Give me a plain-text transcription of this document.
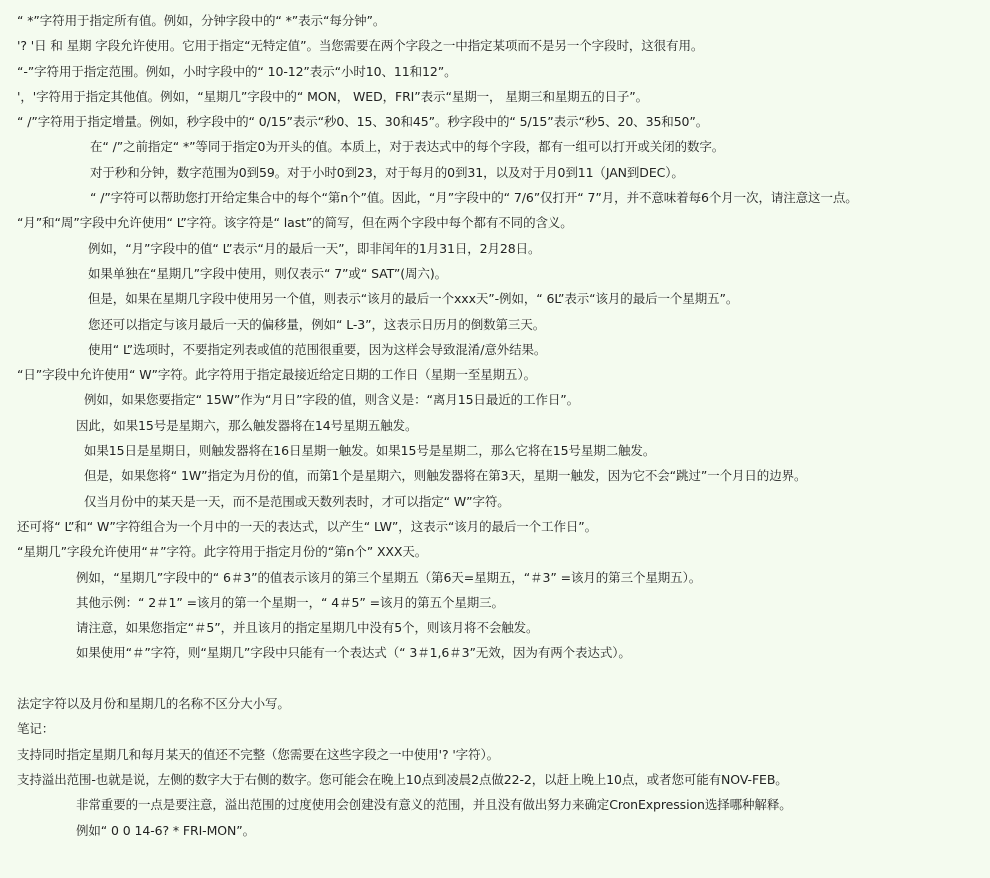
“ *”字符用于指定所有值。例如，分钟字段中的“ *”表示“每分钟”。
'? '日 和 星期 字段允许使用。它用于指定“无特定值”。当您需要在两个字段之一中指定某项而不是另一个字段时，这很有用。
“-”字符用于指定范围。例如，小时字段中的“ 10-12”表示“小时10、11和12”。
'，'字符用于指定其他值。例如，“星期几”字段中的“ MON， WED，FRI”表示“星期一， 星期三和星期五的日子”。
“ /”字符用于指定增量。例如，秒字段中的“ 0/15”表示“秒0、15、30和45”。秒字段中的“ 5/15”表示“秒5、20、35和50”。
在“ /”之前指定“ *”等同于指定0为开头的值。本质上，对于表达式中的每个字段，都有一组可以打开或关闭的数字。
对于秒和分钟，数字范围为0到59。对于小时0到23，对于每月的0到31，以及对于月0到11（JAN到DEC）。
“ /”字符可以帮助您打开给定集合中的每个“第n个”值。因此，“月”字段中的“ 7/6”仅打开“ 7”月，并不意味着每6个月一次，请注意这一点。
“月”和“周”字段中允许使用“ L”字符。该字符是“ last”的简写，但在两个字段中每个都有不同的含义。
例如，“月”字段中的值“ L”表示“月的最后一天”，即非闰年的1月31日，2月28日。
如果单独在“星期几”字段中使用，则仅表示“ 7”或“ SAT”(周六)。
但是，如果在星期几字段中使用另一个值，则表示“该月的最后一个xxx天”-例如，“ 6L”表示“该月的最后一个星期五”。
您还可以指定与该月最后一天的偏移量，例如“ L-3”，这表示日历月的倒数第三天。
使用“ L”选项时，不要指定列表或值的范围很重要，因为这样会导致混淆/意外结果。
“日”字段中允许使用“ W”字符。此字符用于指定最接近给定日期的工作日（星期一至星期五）。
例如，如果您要指定“ 15W”作为“月日”字段的值，则含义是：“离月15日最近的工作日”。
因此，如果15号是星期六，那么触发器将在14号星期五触发。
如果15日是星期日，则触发器将在16日星期一触发。如果15号是星期二，那么它将在15号星期二触发。
但是，如果您将“ 1W”指定为月份的值，而第1个是星期六，则触发器将在第3天，星期一触发，因为它不会“跳过”一个月日的边界。
仅当月份中的某天是一天，而不是范围或天数列表时，才可以指定“ W”字符。
还可将“ L”和“ W”字符组合为一个月中的一天的表达式，以产生“ LW”，这表示“该月的最后一个工作日”。
“星期几”字段允许使用“＃”字符。此字符用于指定月份的“第n个” XXX天。
例如，“星期几”字段中的“ 6＃3”的值表示该月的第三个星期五（第6天=星期五，“＃3” =该月的第三个星期五）。
其他示例：“ 2＃1” =该月的第一个星期一，“ 4＃5” =该月的第五个星期三。
请注意，如果您指定“＃5”，并且该月的指定星期几中没有5个，则该月将不会触发。
如果使用“＃”字符，则“星期几”字段中只能有一个表达式（“ 3＃1,6＃3”无效，因为有两个表达式）。
法定字符以及月份和星期几的名称不区分大小写。
笔记：
支持同时指定星期几和每月某天的值还不完整（您需要在这些字段之一中使用'? '字符）。
支持溢出范围-也就是说，左侧的数字大于右侧的数字。您可能会在晚上10点到凌晨2点做22-2，以赶上晚上10点，或者您可能有NOV-FEB。
非常重要的一点是要注意，溢出范围的过度使用会创建没有意义的范围，并且没有做出努力来确定CronExpression选择哪种解释。
例如“ 0 0 14-6? * FRI-MON”。
